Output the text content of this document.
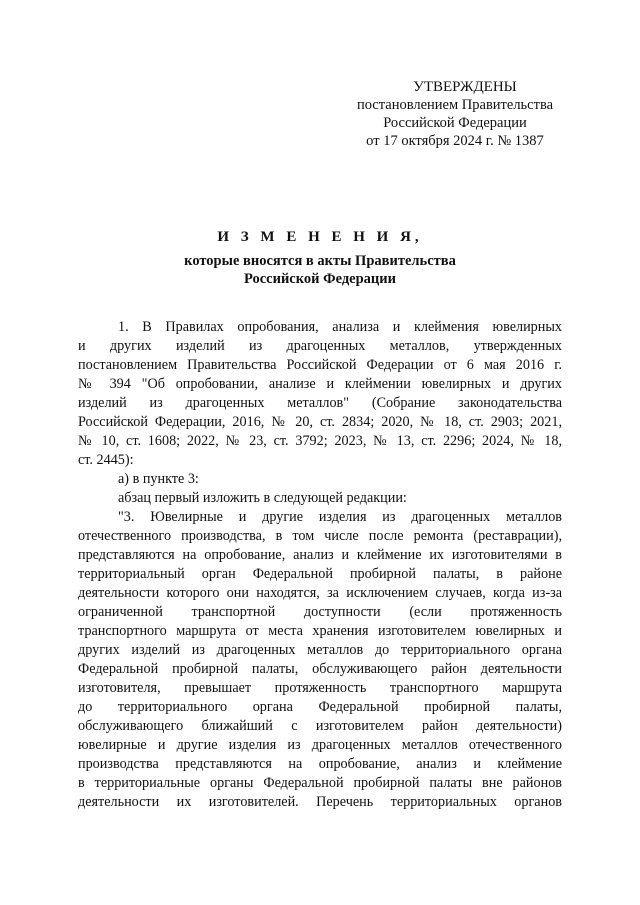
УТВЕРЖДЕНЫ
постановлением Правительства
Российской Федерации
от 17 октября 2024 г. № 1387
И З М Е Н Е Н И Я,
которые вносятся в акты Правительства
Российской Федерации

1. В Правилах опробования, анализа и клеймения ювелирных

и других изделий из драгоценных металлов, утвержденных

постановлением Правительства Российской Федерации от 6 мая 2016 г.

№ 394 "Об опробовании, анализе и клеймении ювелирных и других

изделий из драгоценных металлов" (Собрание законодательства

Российской Федерации, 2016, № 20, ст. 2834; 2020, № 18, ст. 2903; 2021,

№ 10, ст. 1608; 2022, № 23, ст. 3792; 2023, № 13, ст. 2296; 2024, № 18,

ст. 2445):

а) в пункте 3:

абзац первый изложить в следующей редакции:

"3. Ювелирные и другие изделия из драгоценных металлов

отечественного производства, в том числе после ремонта (реставрации),

представляются на опробование, анализ и клеймение их изготовителями в

территориальный орган Федеральной пробирной палаты, в районе

деятельности которого они находятся, за исключением случаев, когда из-за

ограниченной транспортной доступности (если протяженность

транспортного маршрута от места хранения изготовителем ювелирных и

других изделий из драгоценных металлов до территориального органа

Федеральной пробирной палаты, обслуживающего район деятельности

изготовителя, превышает протяженность транспортного маршрута

до территориального органа Федеральной пробирной палаты,

обслуживающего ближайший с изготовителем район деятельности)

ювелирные и другие изделия из драгоценных металлов отечественного

производства представляются на опробование, анализ и клеймение

в территориальные органы Федеральной пробирной палаты вне районов

деятельности их изготовителей. Перечень территориальных органов
